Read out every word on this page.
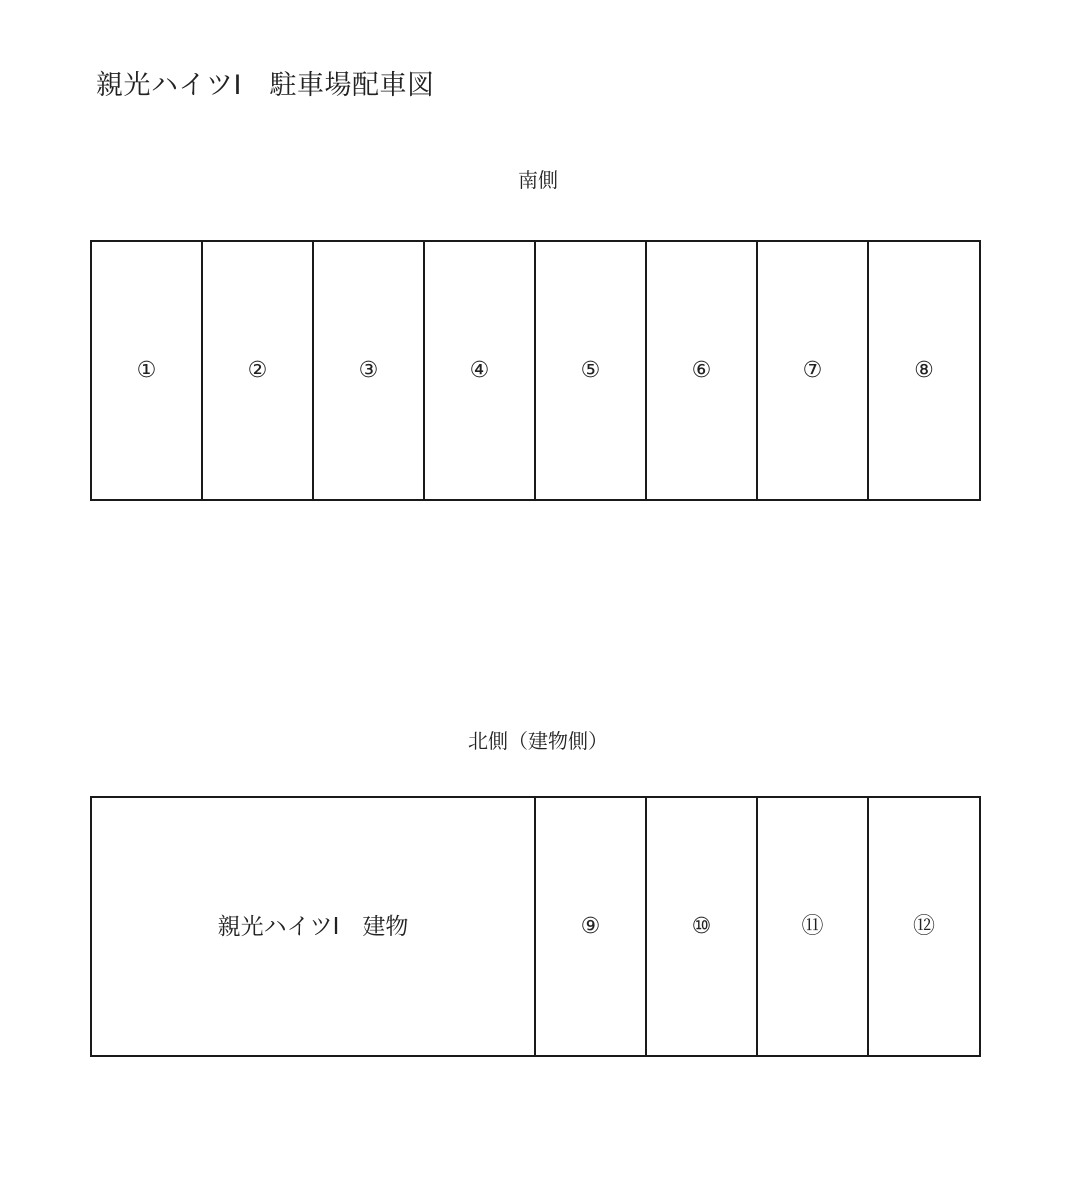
親光ハイツⅠ　駐車場配車図
南側
①	②	③	④	⑤	⑥	⑦	⑧
北側（建物側）
親光ハイツⅠ　建物	⑨	⑩	⑪	⑫
